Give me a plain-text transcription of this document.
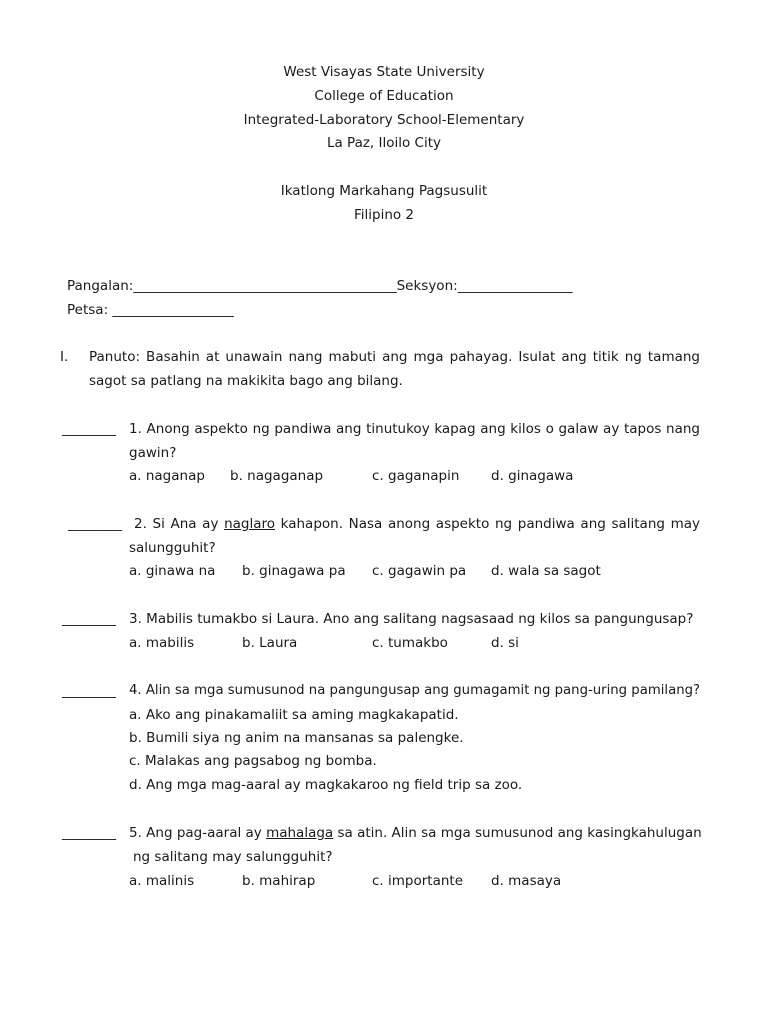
West Visayas State University
College of Education
Integrated-Laboratory School-Elementary
La Paz, Iloilo City
Ikatlong Markahang Pagsusulit
Filipino 2
Pangalan:_______________________________________Seksyon:_________________
Petsa: __________________
I. Panuto: Basahin at unawain nang mabuti ang mga pahayag. Isulat ang titik ng tamang
sagot sa patlang na makikita bago ang bilang.
________ 1. Anong aspekto ng pandiwa ang tinutukoy kapag ang kilos o galaw ay tapos nang
gawin?
a. naganap b. nagaganap	c. gaganapin d. ginagawa
________ 2. Si Ana ay naglaro kahapon. Nasa anong aspekto ng pandiwa ang salitang may
salungguhit?
a. ginawa na b. ginagawa pa c. gagawin pa d. wala sa sagot
________ 3. Mabilis tumakbo si Laura. Ano ang salitang nagsasaad ng kilos sa pangungusap?
a. mabilis	b. Laura	c. tumakbo	d. si
________ 4. Alin sa mga sumusunod na pangungusap ang gumagamit ng pang-uring pamilang?
a. Ako ang pinakamaliit sa aming magkakapatid.
b. Bumili siya ng anim na mansanas sa palengke.
c. Malakas ang pagsabog ng bomba.
d. Ang mga mag-aaral ay magkakaroo ng field trip sa zoo.
________ 5. Ang pag-aaral ay mahalaga sa atin. Alin sa mga sumusunod ang kasingkahulugan
ng salitang may salungguhit?
a. malinis	b. mahirap	c. importante d. masaya
